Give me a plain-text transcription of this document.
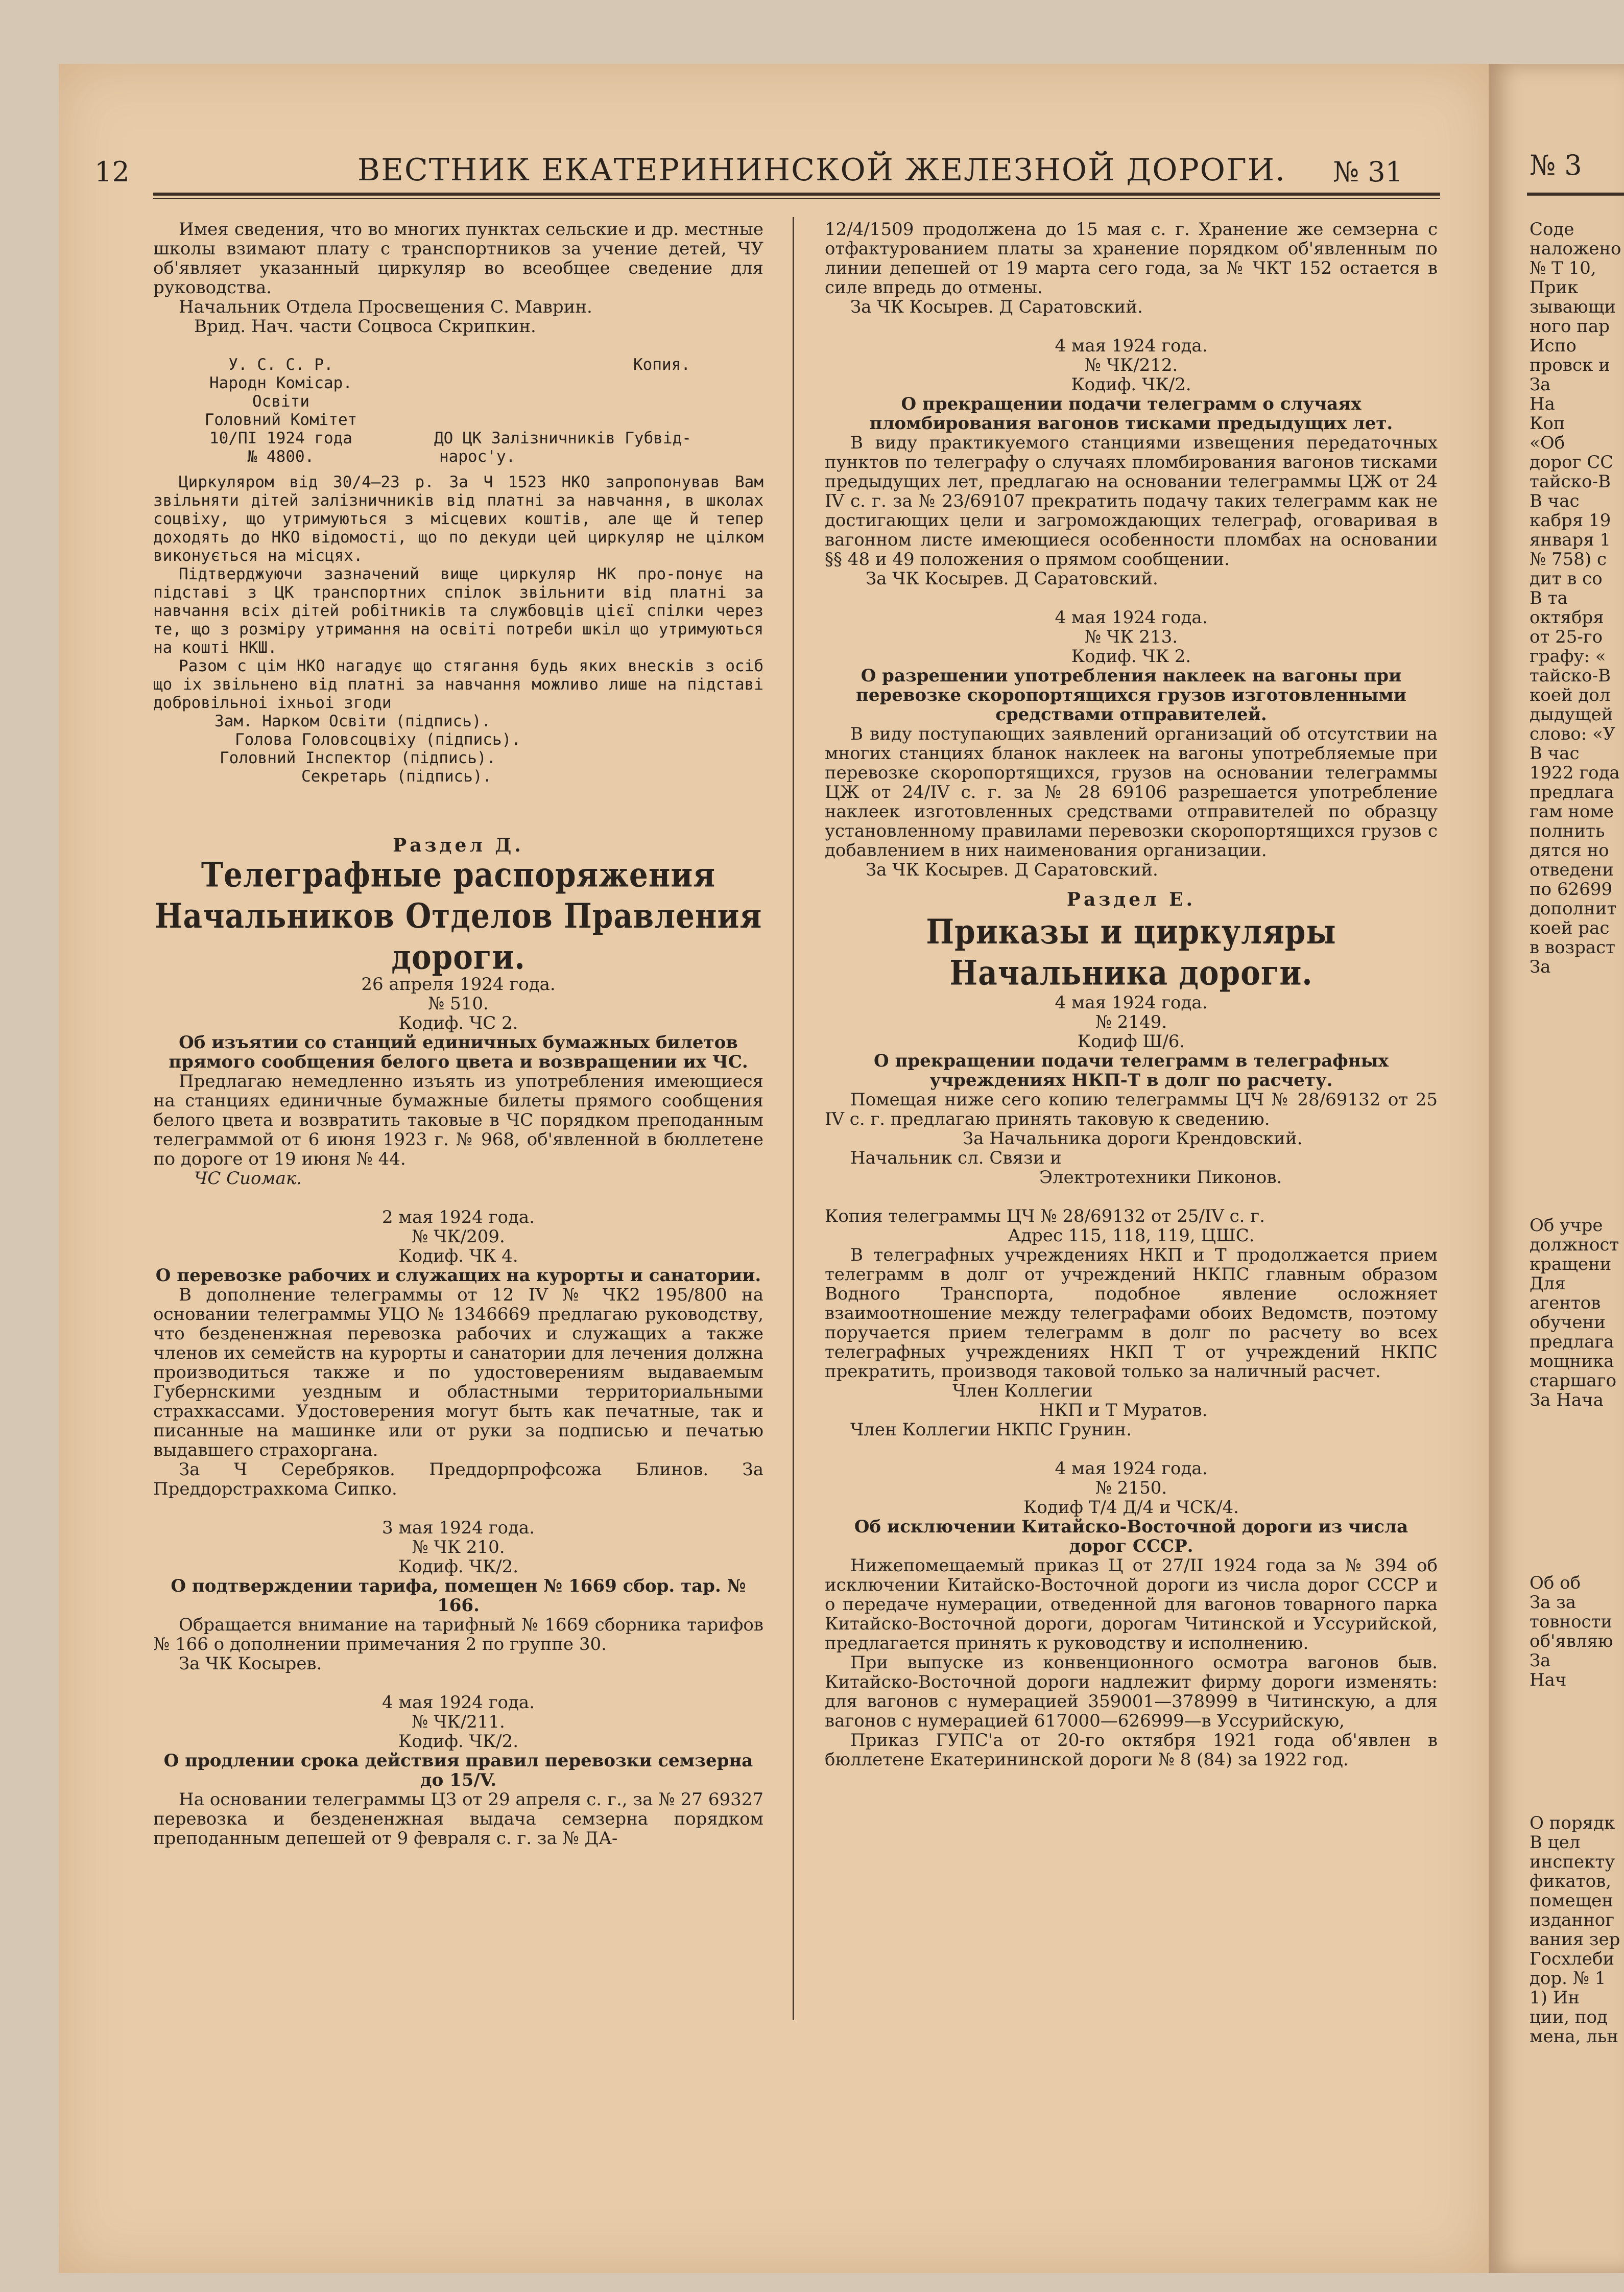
12	ВЕСТНИК ЕКАТЕРИНИНСКОЙ ЖЕЛЕЗНОЙ ДОРОГИ. № 31

Имея сведения, что во многих пунктах сельские и др. местные школы взимают плату с транспортников за учение детей, ЧУ об'являет указанный циркуляр во всеобщее сведение для руководства.

Начальник Отдела Просвещения С. Маврин.

Врид. Нач. части Соцвоса Скрипкин.

У. С. С. Р.
Народн Комiсар.
Освiти
Головний Комiтет
10/ПI 1924 года
№ 4800.
Копия.
ДО ЦК Залiзничникiв Губвiд-
нарос'у.

Циркуляром вiд 30/4—23 р. За Ч 1523 НКО запропонував Вам звiльняти дiтей залiзничникiв вiд платнi за навчання, в школах соцвiху, що утримуються з мiсцевих коштiв, але ще й тепер доходять до НКО вiдомостi, що по декуди цей циркуляр не цiлком виконується на мiсцях.

Пiдтверджуючи зазначений вище циркуляр НК про-понує на пiдставi з ЦК транспортних спiлок звiльнити вiд платнi за навчання всiх дiтей робiтникiв та службовцiв цiєї спiлки через те, що з розмiру утримання на освiтi потреби шкiл що утримуються на коштi НКШ.

Разом с цiм НКО нагадує що стягання будь яких внескiв з осiб що iх звiльнено вiд платнi за навчання можливо лише на пiдставi добровiльноi iхньоi згоди

Зам. Нарком Освiти (пiдпись).
Голова Головсоцвiху (пiдпись).
Головний Iнспектор (пiдпись).
Секретарь (пiдпись).

Раздел Д.

Телеграфные распоряжения Начальников Отделов Правления дороги.

26 апреля 1924 года.

№ 510.

Кодиф. ЧС 2.

Об изъятии со станций единичных бумажных билетов прямого сообщения белого цвета и возвращении их ЧС.

Предлагаю немедленно изъять из употребления имеющиеся на станциях единичные бумажные билеты прямого сообщения белого цвета и возвратить таковые в ЧС порядком преподанным телеграммой от 6 июня 1923 г. № 968, об'явленной в бюллетене по дороге от 19 июня № 44.

ЧС Сиомак.

2 мая 1924 года.

№ ЧК/209.

Кодиф. ЧК 4.

О перевозке рабочих и служащих на курорты и санатории.

В дополнение телеграммы от 12 IV № ЧК2 195/800 на основании телеграммы УЦО № 1346669 предлагаю руководству, что бездененжная перевозка рабочих и служащих а также членов их семейств на курорты и санатории для лечения должна производиться также и по удостоверениям выдаваемым Губернскими уездным и областными территориальными страхкассами. Удостоверения могут быть как печатные, так и писанные на машинке или от руки за подписью и печатью выдавшего страхоргана.

За Ч Серебряков. Преддорпрофсожа Блинов. За Преддорстрахкома Сипко.

3 мая 1924 года.

№ ЧК 210.

Кодиф. ЧК/2.

О подтверждении тарифа, помещен № 1669 сбор. тар. № 166.

Обращается внимание на тарифный № 1669 сборника тарифов № 166 о дополнении примечания 2 по группе 30.

За ЧК Косырев.

4 мая 1924 года.

№ ЧК/211.

Кодиф. ЧК/2.

О продлении срока действия правил перевозки семзерна до 15/V.

На основании телеграммы ЦЗ от 29 апреля с. г., за № 27 69327 перевозка и бездененжная выдача семзерна порядком преподанным депешей от 9 февраля с. г. за № ДА-

12/4/1509 продолжена до 15 мая с. г. Хранение же семзерна с отфактурованием платы за хранение порядком об'явленным по линии депешей от 19 марта сего года, за № ЧКТ 152 остается в силе впредь до отмены.

За ЧК Косырев. Д Саратовский.

4 мая 1924 года.

№ ЧК/212.

Кодиф. ЧК/2.

О прекращении подачи телеграмм о случаях пломбирования вагонов тисками предыдущих лет.

В виду практикуемого станциями извещения передаточных пунктов по телеграфу о случаях пломбирования вагонов тисками предыдущих лет, предлагаю на основании телеграммы ЦЖ от 24 IV с. г. за № 23/69107 прекратить подачу таких телеграмм как не достигающих цели и загромождающих телеграф, оговаривая в вагонном листе имеющиеся особенности пломбах на основании §§ 48 и 49 положения о прямом сообщении.

За ЧК Косырев. Д Саратовский.

4 мая 1924 года.

№ ЧК 213.

Кодиф. ЧК 2.

О разрешении употребления наклеек на вагоны при перевозке скоропортящихся грузов изготовленными средствами отправителей.

В виду поступающих заявлений организаций об отсутствии на многих станциях бланок наклеек на вагоны употребляемые при перевозке скоропортящихся, грузов на основании телеграммы ЦЖ от 24/IV с. г. за № 28 69106 разрешается употребление наклеек изготовленных средствами отправителей по образцу установленному правилами перевозки скоропортящихся грузов с добавлением в них наименования организации.

За ЧК Косырев. Д Саратовский.

Раздел Е.

Приказы и циркуляры Начальника дороги.

4 мая 1924 года.

№ 2149.

Кодиф Ш/6.

О прекращении подачи телеграмм в телеграфных учреждениях НКП-Т в долг по расчету.

Помещая ниже сего копию телеграммы ЦЧ № 28/69132 от 25 IV с. г. предлагаю принять таковую к сведению.

За Начальника дороги Крендовский.

Начальник сл. Связи и

Электротехники Пиконов.

Копия телеграммы ЦЧ № 28/69132 от 25/IV с. г.

Адрес 115, 118, 119, ЦШС.

В телеграфных учреждениях НКП и Т продолжается прием телеграмм в долг от учреждений НКПС главным образом Водного Транспорта, подобное явление осложняет взаимоотношение между телеграфами обоих Ведомств, поэтому поручается прием телеграмм в долг по расчету во всех телеграфных учреждениях НКП Т от учреждений НКПС прекратить, производя таковой только за наличный расчет.

Член Коллегии

НКП и Т Муратов.

Член Коллегии НКПС Грунин.

4 мая 1924 года.

№ 2150.

Кодиф Т/4 Д/4 и ЧСК/4.

Об исключении Китайско-Восточной дороги из числа дорог СССР.

Нижепомещаемый приказ Ц от 27/II 1924 года за № 394 об исключении Китайско-Восточной дороги из числа дорог СССР и о передаче нумерации, отведенной для вагонов товарного парка Китайско-Восточной дороги, дорогам Читинской и Уссурийской, предлагается принять к руководству и исполнению.

При выпуске из конвенционного осмотра вагонов быв. Китайско-Восточной дороги надлежит фирму дороги изменять: для вагонов с нумерацией 359001—378999 в Читинскую, а для вагонов с нумерацией 617000—626999—в Уссурийскую,

Приказ ГУПС'а от 20-го октября 1921 года об'явлен в бюллетене Екатерининской дороги № 8 (84) за 1922 год.

№ 3
Соде
наложено
№ Т 10,
Прик
зывающи
ного пар
Испо
провск и
За
На
Коп
«Об
дорог СС
тайско-В
В час
кабря 19
января 1
№ 758) с
дит в со
В та
октября
от 25-го
графу: «
тайско-В
коей дол
дыдущей
слово: «У
В час
1922 года
предлага
гам номе
полнить
дятся но
отведени
по 62699
дополнит
коей рас
в возраст
За
Об учре
должност
кращени
Для
агентов
обучени
предлага
мощника
старшаго
За Нача
Об об
За за
товности
об'являю
За
Нач
О порядк
В цел
инспекту
фикатов,
помещен
изданног
вания зер
Госхлеби
дор. № 1
1) Ин
ции, под
мена, льн
